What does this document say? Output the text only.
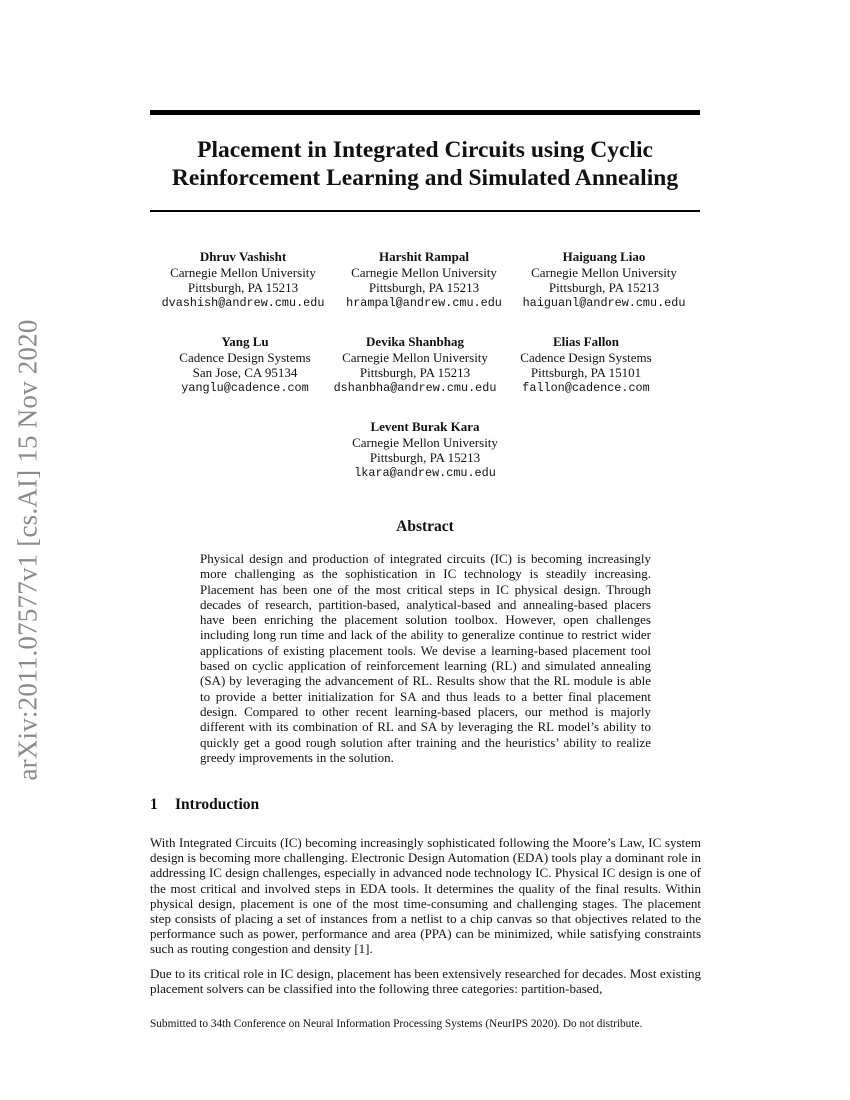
arXiv:2011.07577v1 [cs.AI] 15 Nov 2020
Placement in Integrated Circuits using Cyclic
Reinforcement Learning and Simulated Annealing
Dhruv Vashisht
Carnegie Mellon University
Pittsburgh, PA 15213
dvashish@andrew.cmu.edu
Harshit Rampal
Carnegie Mellon University
Pittsburgh, PA 15213
hrampal@andrew.cmu.edu
Haiguang Liao
Carnegie Mellon University
Pittsburgh, PA 15213
haiguanl@andrew.cmu.edu
Yang Lu
Cadence Design Systems
San Jose, CA 95134
yanglu@cadence.com
Devika Shanbhag
Carnegie Mellon University
Pittsburgh, PA 15213
dshanbha@andrew.cmu.edu
Elias Fallon
Cadence Design Systems
Pittsburgh, PA 15101
fallon@cadence.com
Levent Burak Kara
Carnegie Mellon University
Pittsburgh, PA 15213
lkara@andrew.cmu.edu
Abstract

Physical design and production of integrated circuits (IC) is becoming increasingly more challenging as the sophistication in IC technology is steadily increasing. Placement has been one of the most critical steps in IC physical design. Through decades of research, partition-based, analytical-based and annealing-based placers have been enriching the placement solution toolbox. However, open challenges including long run time and lack of the ability to generalize continue to restrict wider applications of existing placement tools. We devise a learning-based placement tool based on cyclic application of reinforcement learning (RL) and simulated annealing (SA) by leveraging the advancement of RL. Results show that the RL module is able to provide a better initialization for SA and thus leads to a better final placement design. Compared to other recent learning-based placers, our method is majorly different with its combination of RL and SA by leveraging the RL model’s ability to quickly get a good rough solution after training and the heuristics’ ability to realize greedy improvements in the solution.

1 Introduction

With Integrated Circuits (IC) becoming increasingly sophisticated following the Moore’s Law, IC system design is becoming more challenging. Electronic Design Automation (EDA) tools play a dominant role in addressing IC design challenges, especially in advanced node technology IC. Physical IC design is one of the most critical and involved steps in EDA tools. It determines the quality of the final results. Within physical design, placement is one of the most time-consuming and challenging stages. The placement step consists of placing a set of instances from a netlist to a chip canvas so that objectives related to the performance such as power, performance and area (PPA) can be minimized, while satisfying constraints such as routing congestion and density [1].

Due to its critical role in IC design, placement has been extensively researched for decades. Most existing placement solvers can be classified into the following three categories: partition-based,

Submitted to 34th Conference on Neural Information Processing Systems (NeurIPS 2020). Do not distribute.
